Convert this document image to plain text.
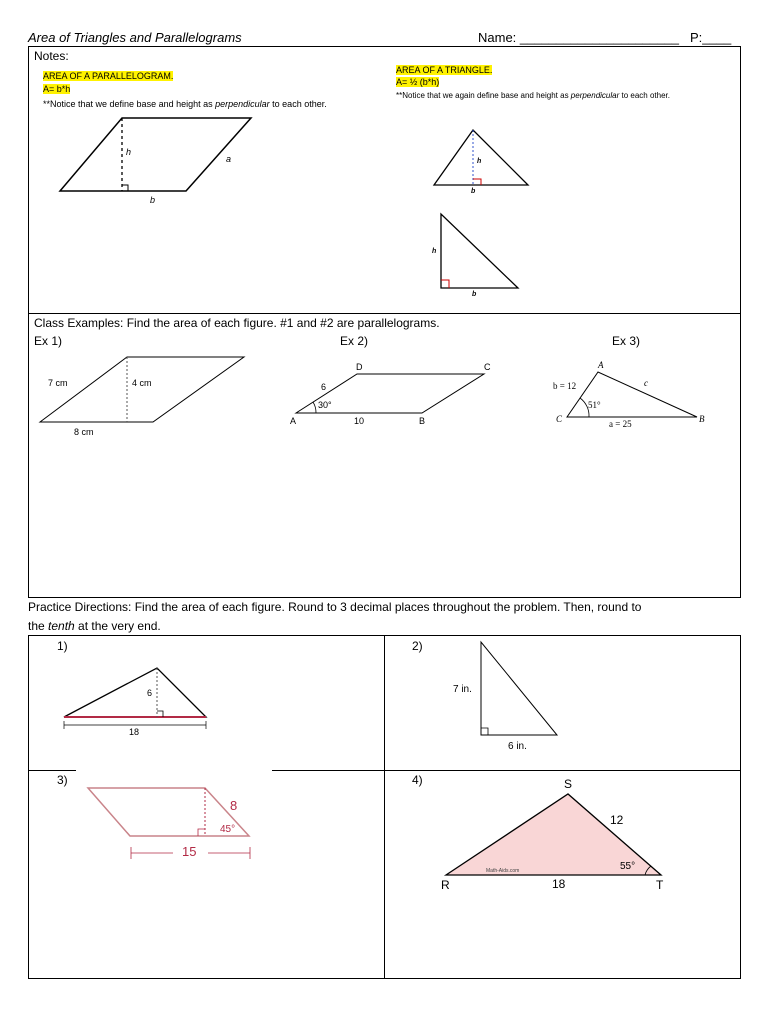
Area of Triangles and Parallelograms	Name: ______________________ P:____
Notes:
AREA OF A PARALLELOGRAM.
A= b*h
**Notice that we define base and height as perpendicular to each other.
AREA OF A TRIANGLE.
A= ½ (b*h)
**Notice that we again define base and height as perpendicular to each other.
Class Examples: Find the area of each figure. #1 and #2 are parallelograms.
Ex 1)	Ex 2)	Ex 3)
Practice Directions: Find the area of each figure. Round to 3 decimal places throughout the problem. Then, round to
the tenth at the very end.
1)	2)
3)	4)
h
a
b
h
b
h
b
7 cm	4 cm
8 cm
D	C
A	B
6
30°
10
A
B
C
b = 12	c
51°
a = 25
6
18
7 in.
6 in.
8
45°
15
S
R	T
12
18
55°
Math-Aids.com
